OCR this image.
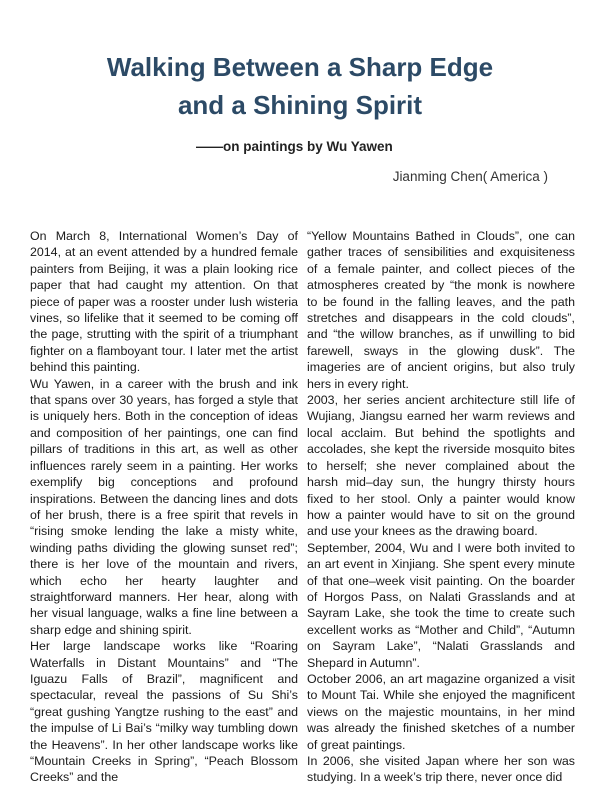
Walking Between a Sharp Edge
and a Shining Spirit
——on paintings by Wu Yawen
Jianming Chen( America )

On March 8, International Women’s Day of 2014, at an event attended by a hundred female painters from Beijing, it was a plain looking rice paper that had caught my attention. On that piece of paper was a rooster under lush wisteria vines, so lifelike that it seemed to be coming off the page, strutting with the spirit of a triumphant fighter on a flamboyant tour. I later met the artist behind this painting.

Wu Yawen, in a career with the brush and ink that spans over 30 years, has forged a style that is uniquely hers. Both in the conception of ideas and composition of her paintings, one can find pillars of traditions in this art, as well as other influences rarely seem in a painting. Her works exemplify big conceptions and profound inspirations. Between the dancing lines and dots of her brush, there is a free spirit that revels in “rising smoke lending the lake a misty white, winding paths dividing the glowing sunset red”; there is her love of the mountain and rivers, which echo her hearty laughter and straightforward manners. Her hear, along with her visual language, walks a fine line between a sharp edge and shining spirit.

Her large landscape works like “Roaring Waterfalls in Distant Mountains” and “The Iguazu Falls of Brazil”, magnificent and spectacular, reveal the passions of Su Shi’s “great gushing Yangtze rushing to the east” and the impulse of Li Bai’s “milky way tumbling down the Heavens”. In her other landscape works like “Mountain Creeks in Spring”, “Peach Blossom Creeks” and the

“Yellow Mountains Bathed in Clouds”, one can gather traces of sensibilities and exquisiteness of a female painter, and collect pieces of the atmospheres created by “the monk is nowhere to be found in the falling leaves, and the path stretches and disappears in the cold clouds”, and “the willow branches, as if unwilling to bid farewell, sways in the glowing dusk”. The imageries are of ancient origins, but also truly hers in every right.

2003, her series ancient architecture still life of Wujiang, Jiangsu earned her warm reviews and local acclaim. But behind the spotlights and accolades, she kept the riverside mosquito bites to herself; she never complained about the harsh mid–day sun, the hungry thirsty hours fixed to her stool. Only a painter would know how a painter would have to sit on the ground and use your knees as the drawing board.

September, 2004, Wu and I were both invited to an art event in Xinjiang. She spent every minute of that one–week visit painting. On the boarder of Horgos Pass, on Nalati Grasslands and at Sayram Lake, she took the time to create such excellent works as “Mother and Child”, “Autumn on Sayram Lake”, “Nalati Grasslands and Shepard in Autumn”.

October 2006, an art magazine organized a visit to Mount Tai. While she enjoyed the magnificent views on the majestic mountains, in her mind was already the finished sketches of a number of great paintings.

In 2006, she visited Japan where her son was studying. In a week’s trip there, never once did
